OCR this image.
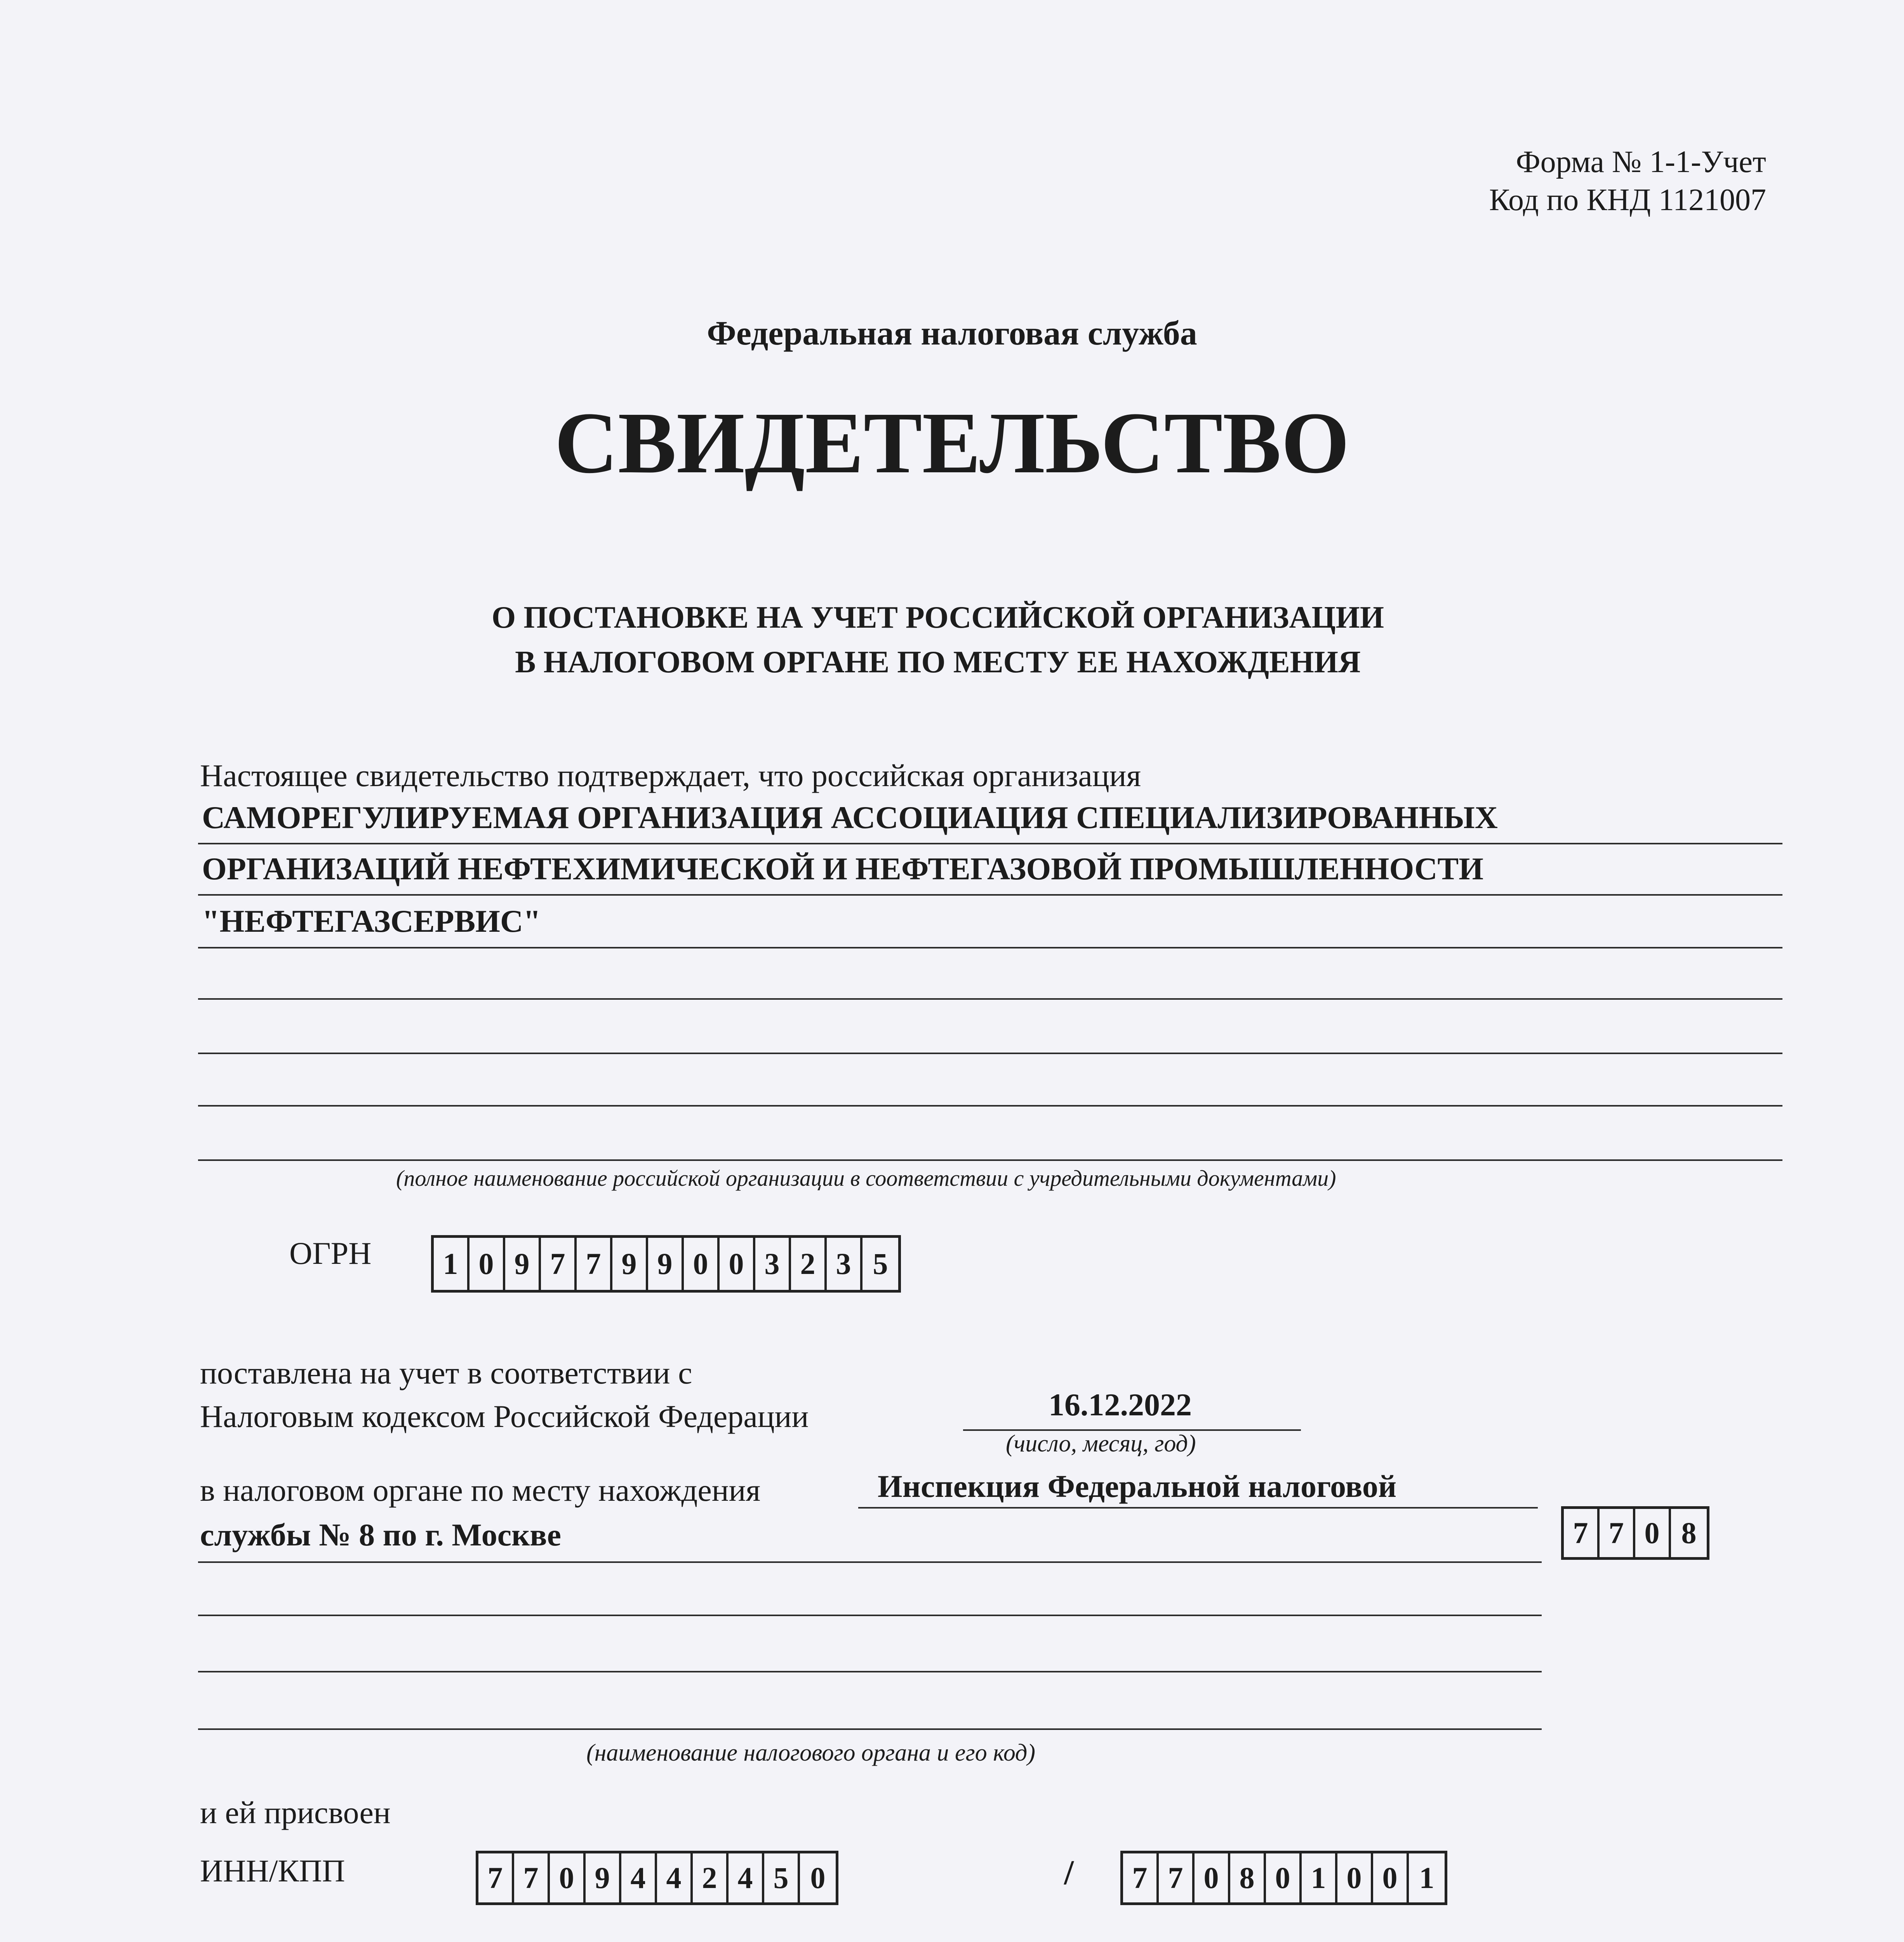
Форма № 1-1-Учет
Код по КНД 1121007
Федеральная налоговая служба
СВИДЕТЕЛЬСТВО
О ПОСТАНОВКЕ НА УЧЕТ РОССИЙСКОЙ ОРГАНИЗАЦИИ
В НАЛОГОВОМ ОРГАНЕ ПО МЕСТУ ЕЕ НАХОЖДЕНИЯ
Настоящее свидетельство подтверждает, что российская организация
САМОРЕГУЛИРУЕМАЯ ОРГАНИЗАЦИЯ АССОЦИАЦИЯ СПЕЦИАЛИЗИРОВАННЫХ
ОРГАНИЗАЦИЙ НЕФТЕХИМИЧЕСКОЙ И НЕФТЕГАЗОВОЙ ПРОМЫШЛЕННОСТИ
"НЕФТЕГАЗСЕРВИС"
(полное наименование российской организации в соответствии с учредительными документами)
ОГРН	1 0 9 7 7 9 9 0 0 3 2 3 5
поставлена на учет в соответствии с
Налоговым кодексом Российской Федерации	16.12.2022
(число, месяц, год)
в налоговом органе по месту нахождения	Инспекция Федеральной налоговой
службы № 8 по г. Москве	7 7 0 8
(наименование налогового органа и его код)
и ей присвоен
ИНН/КПП	7 7 0 9 4 4 2 4 5 0	/	7 7 0 8 0 1 0 0 1
